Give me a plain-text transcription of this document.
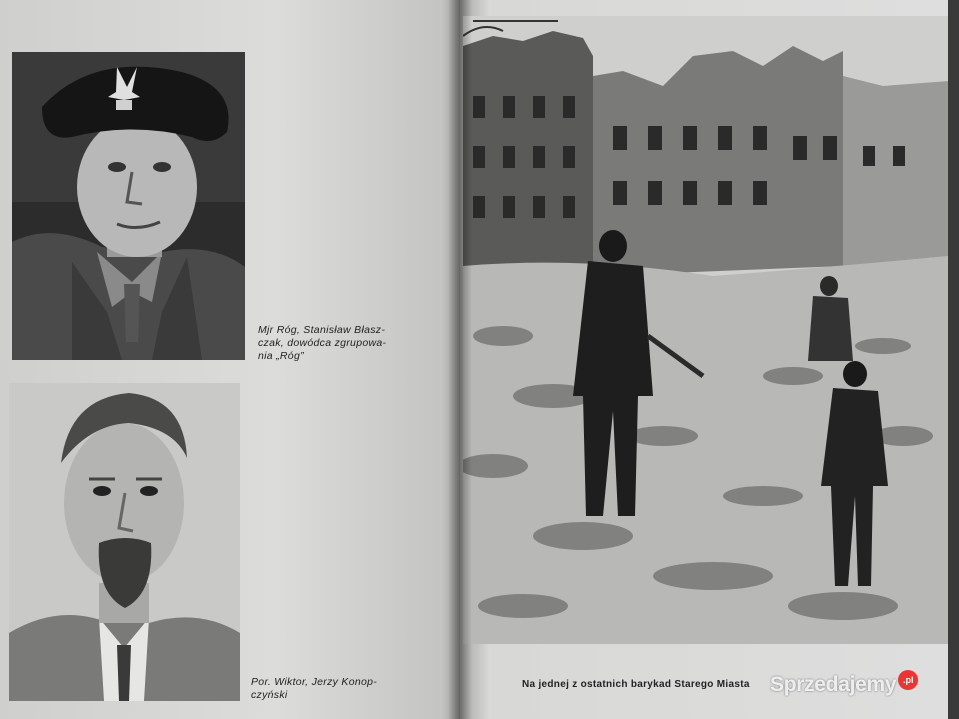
Mjr Róg, Stanisław Błasz-
czak, dowódca zgrupowa-
nia „Róg”
Por. Wiktor, Jerzy Konop-
czyński
Na jednej z ostatnich barykad Starego Miasta Sprzedajemy .pl
